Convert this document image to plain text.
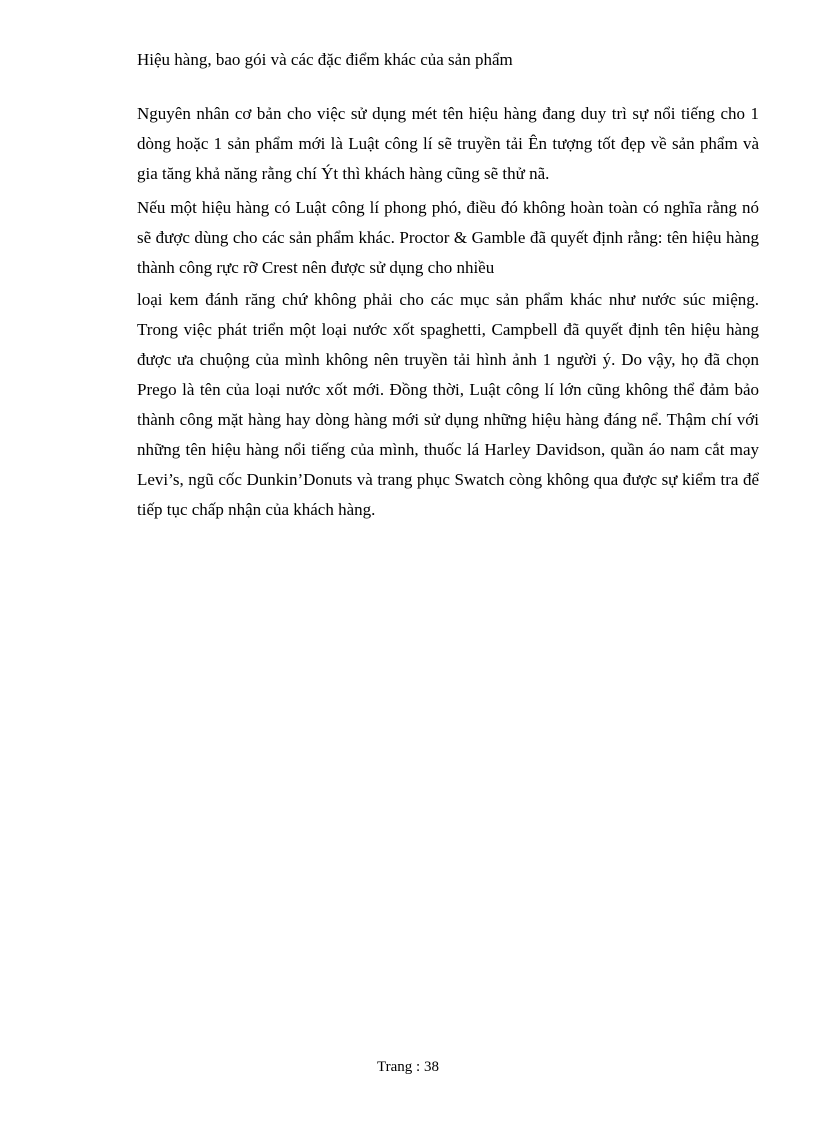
Hiệu hàng, bao gói và các đặc điểm khác của sản phẩm

Nguyên nhân cơ bản cho việc sử dụng mét tên hiệu hàng đang duy trì sự nổi tiếng cho 1 dòng hoặc 1 sản phẩm mới là Luật công lí sẽ truyền tải Ên tượng tốt đẹp về sản phẩm và gia tăng khả năng rằng chí Ýt thì khách hàng cũng sẽ thử nã.

Nếu một hiệu hàng có Luật công lí phong phó, điều đó không hoàn toàn có nghĩa rằng nó sẽ được dùng cho các sản phẩm khác. Proctor & Gamble đã quyết định rằng: tên hiệu hàng thành công rực rỡ Crest nên được sử dụng cho nhiều

loại kem đánh răng chứ không phải cho các mục sản phẩm khác như nước súc miệng. Trong việc phát triển một loại nước xốt spaghetti, Campbell đã quyết định tên hiệu hàng được ưa chuộng của mình không nên truyền tải hình ảnh 1 người ý. Do vậy, họ đã chọn Prego là tên của loại nước xốt mới. Đồng thời, Luật công lí lớn cũng không thể đảm bảo thành công mặt hàng hay dòng hàng mới sử dụng những hiệu hàng đáng nể. Thậm chí với những tên hiệu hàng nổi tiếng của mình, thuốc lá Harley Davidson, quần áo nam cắt may Levi’s, ngũ cốc Dunkin’Donuts và trang phục Swatch còng không qua được sự kiểm tra để tiếp tục chấp nhận của khách hàng.

Trang : 38
